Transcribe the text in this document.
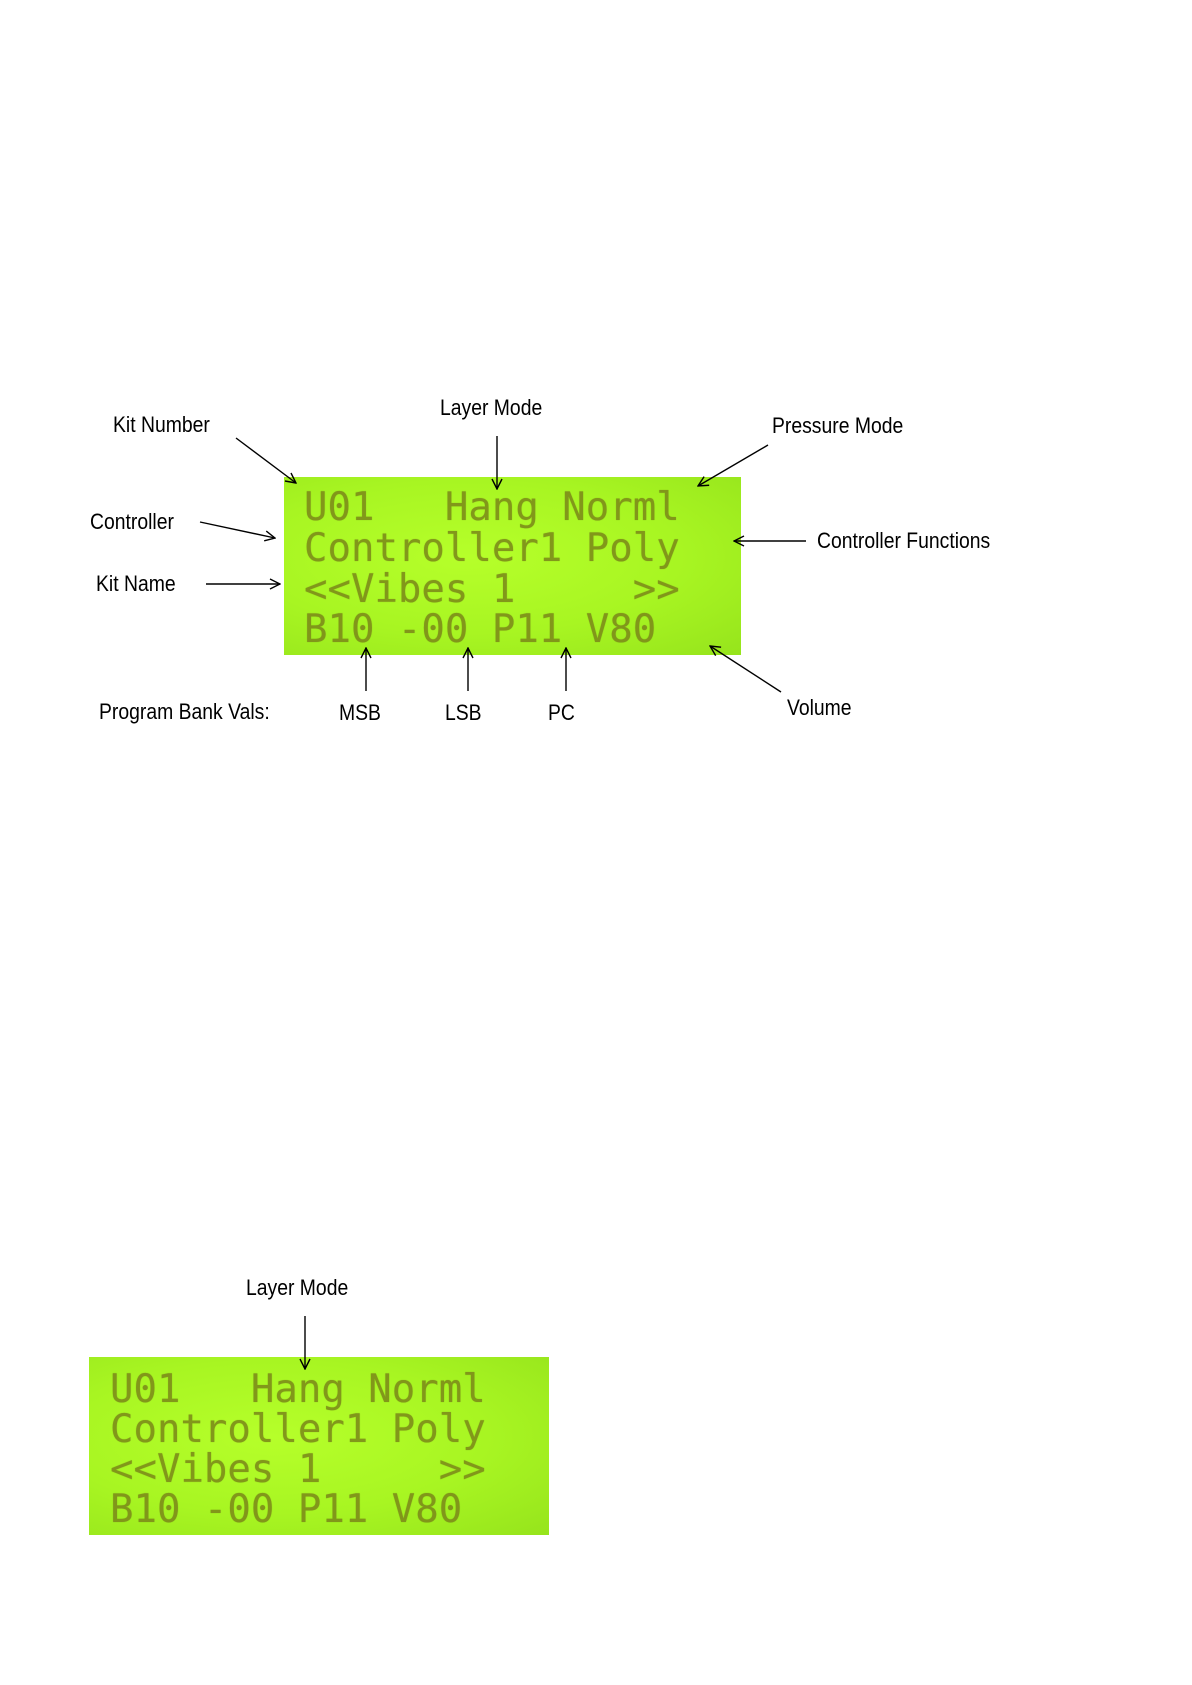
Kit Number
Layer Mode
Pressure Mode
Controller
Controller Functions
Kit Name
Program Bank Vals:	MSB	LSB	PC	Volume
U01   Hang Norml
Controller1 Poly
<<Vibes 1     >>
B10 -00 P11 V80
Layer Mode
U01   Hang Norml
Controller1 Poly
<<Vibes 1     >>
B10 -00 P11 V80
